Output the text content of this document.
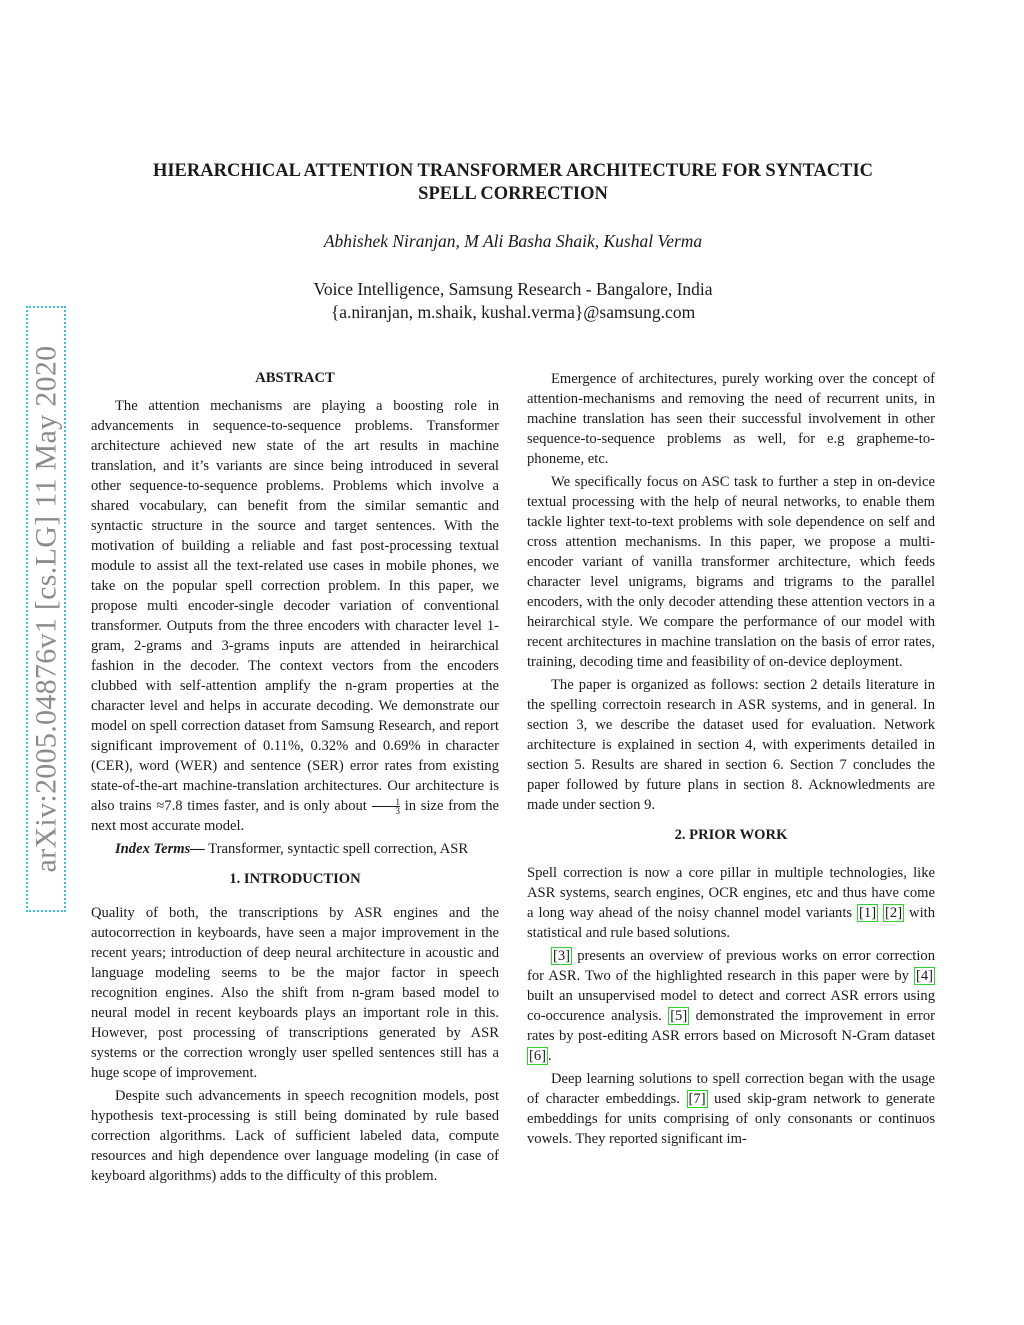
arXiv:2005.04876v1 [cs.LG] 11 May 2020
HIERARCHICAL ATTENTION TRANSFORMER ARCHITECTURE FOR SYNTACTIC
SPELL CORRECTION
Abhishek Niranjan, M Ali Basha Shaik, Kushal Verma
Voice Intelligence, Samsung Research - Bangalore, India
{a.niranjan, m.shaik, kushal.verma}@samsung.com
ABSTRACT

The attention mechanisms are playing a boosting role in advancements in sequence-to-sequence problems. Transformer architecture achieved new state of the art results in machine translation, and it’s variants are since being introduced in several other sequence-to-sequence problems. Problems which involve a shared vocabulary, can benefit from the similar semantic and syntactic structure in the source and target sentences. With the motivation of building a reliable and fast post-processing textual module to assist all the text-related use cases in mobile phones, we take on the popular spell correction problem. In this paper, we propose multi encoder-single decoder variation of conventional transformer. Outputs from the three encoders with character level 1-gram, 2-grams and 3-grams inputs are attended in heirarchical fashion in the decoder. The context vectors from the encoders clubbed with self-attention amplify the n-gram properties at the character level and helps in accurate decoding. We demonstrate our model on spell correction dataset from Samsung Research, and report significant improvement of 0.11%, 0.32% and 0.69% in character (CER), word (WER) and sentence (SER) error rates from existing state-of-the-art machine-translation architectures. Our architecture is also trains ≈7.8 times faster, and is only about $\frac{1}{3}$ in size from the next most accurate model.

Index Terms— Transformer, syntactic spell correction, ASR

1. INTRODUCTION

Quality of both, the transcriptions by ASR engines and the autocorrection in keyboards, have seen a major improvement in the recent years; introduction of deep neural architecture in acoustic and language modeling seems to be the major factor in speech recognition engines. Also the shift from n-gram based model to neural model in recent keyboards plays an important role in this. However, post processing of transcriptions generated by ASR systems or the correction wrongly user spelled sentences still has a huge scope of improvement.

Despite such advancements in speech recognition models, post hypothesis text-processing is still being dominated by rule based correction algorithms. Lack of sufficient labeled data, compute resources and high dependence over language modeling (in case of keyboard algorithms) adds to the difficulty of this problem.

Emergence of architectures, purely working over the concept of attention-mechanisms and removing the need of recurrent units, in machine translation has seen their successful involvement in other sequence-to-sequence problems as well, for e.g grapheme-to-phoneme, etc.

We specifically focus on ASC task to further a step in on-device textual processing with the help of neural networks, to enable them tackle lighter text-to-text problems with sole dependence on self and cross attention mechanisms. In this paper, we propose a multi-encoder variant of vanilla transformer architecture, which feeds character level unigrams, bigrams and trigrams to the parallel encoders, with the only decoder attending these attention vectors in a heirarchical style. We compare the performance of our model with recent architectures in machine translation on the basis of error rates, training, decoding time and feasibility of on-device deployment.

The paper is organized as follows: section 2 details literature in the spelling correctoin research in ASR systems, and in general. In section 3, we describe the dataset used for evaluation. Network architecture is explained in section 4, with experiments detailed in section 5. Results are shared in section 6. Section 7 concludes the paper followed by future plans in section 8. Acknowledments are made under section 9.

2. PRIOR WORK

Spell correction is now a core pillar in multiple technologies, like ASR systems, search engines, OCR engines, etc and thus have come a long way ahead of the noisy channel model variants [1] [2] with statistical and rule based solutions.

[3] presents an overview of previous works on error correction for ASR. Two of the highlighted research in this paper were by [4] built an unsupervised model to detect and correct ASR errors using co-occurence analysis. [5] demonstrated the improvement in error rates by post-editing ASR errors based on Microsoft N-Gram dataset [6] .

Deep learning solutions to spell correction began with the usage of character embeddings. [7] used skip-gram network to generate embeddings for units comprising of only consonants or continuos vowels. They reported significant im-
